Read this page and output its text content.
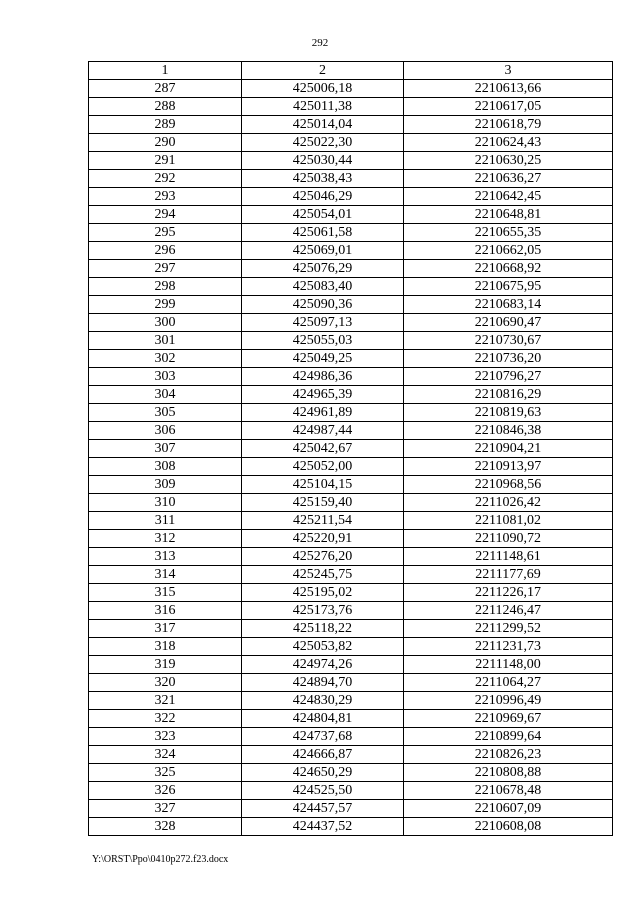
292
1	2	3
287	425006,18	2210613,66
288	425011,38	2210617,05
289	425014,04	2210618,79
290	425022,30	2210624,43
291	425030,44	2210630,25
292	425038,43	2210636,27
293	425046,29	2210642,45
294	425054,01	2210648,81
295	425061,58	2210655,35
296	425069,01	2210662,05
297	425076,29	2210668,92
298	425083,40	2210675,95
299	425090,36	2210683,14
300	425097,13	2210690,47
301	425055,03	2210730,67
302	425049,25	2210736,20
303	424986,36	2210796,27
304	424965,39	2210816,29
305	424961,89	2210819,63
306	424987,44	2210846,38
307	425042,67	2210904,21
308	425052,00	2210913,97
309	425104,15	2210968,56
310	425159,40	2211026,42
311	425211,54	2211081,02
312	425220,91	2211090,72
313	425276,20	2211148,61
314	425245,75	2211177,69
315	425195,02	2211226,17
316	425173,76	2211246,47
317	425118,22	2211299,52
318	425053,82	2211231,73
319	424974,26	2211148,00
320	424894,70	2211064,27
321	424830,29	2210996,49
322	424804,81	2210969,67
323	424737,68	2210899,64
324	424666,87	2210826,23
325	424650,29	2210808,88
326	424525,50	2210678,48
327	424457,57	2210607,09
328	424437,52	2210608,08
Y:\ORST\Ppo\0410p272.f23.docx
